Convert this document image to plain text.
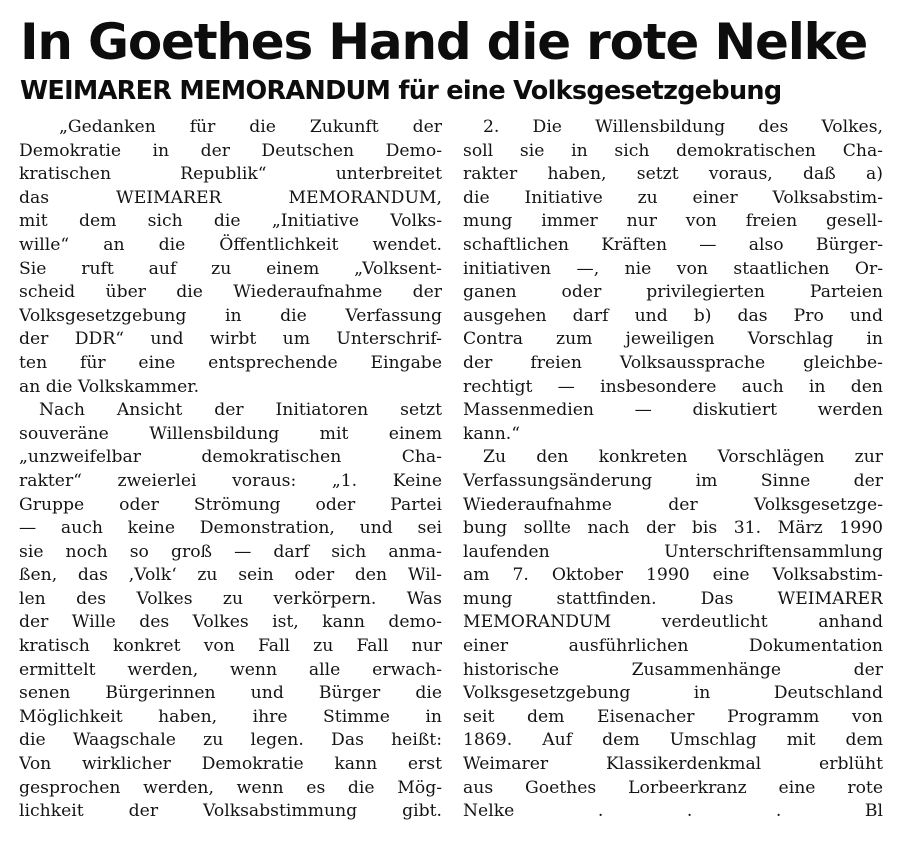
In Goethes Hand die rote Nelke
WEIMARER MEMORANDUM für eine Volksgesetzgebung
„Gedanken für die Zukunft der
Demokratie in der Deutschen Demo-
kratischen Republik“ unterbreitet
das WEIMARER MEMORANDUM,
mit dem sich die „Initiative Volks-
wille“ an die Öffentlichkeit wendet.
Sie ruft auf zu einem „Volksent-
scheid über die Wiederaufnahme der
Volksgesetzgebung in die Verfassung
der DDR“ und wirbt um Unterschrif-
ten für eine entsprechende Eingabe
an die Volkskammer.
Nach Ansicht der Initiatoren setzt
souveräne Willensbildung mit einem
„unzweifelbar demokratischen Cha-
rakter“ zweierlei voraus: „1. Keine
Gruppe oder Strömung oder Partei
— auch keine Demonstration, und sei
sie noch so groß — darf sich anma-
ßen, das ‚Volk‘ zu sein oder den Wil-
len des Volkes zu verkörpern. Was
der Wille des Volkes ist, kann demo-
kratisch konkret von Fall zu Fall nur
ermittelt werden, wenn alle erwach-
senen Bürgerinnen und Bürger die
Möglichkeit haben, ihre Stimme in
die Waagschale zu legen. Das heißt:
Von wirklicher Demokratie kann erst
gesprochen werden, wenn es die Mög-
lichkeit der Volksabstimmung gibt.
2. Die Willensbildung des Volkes,
soll sie in sich demokratischen Cha-
rakter haben, setzt voraus, daß a)
die Initiative zu einer Volksabstim-
mung immer nur von freien gesell-
schaftlichen Kräften — also Bürger-
initiativen —, nie von staatlichen Or-
ganen oder privilegierten Parteien
ausgehen darf und b) das Pro und
Contra zum jeweiligen Vorschlag in
der freien Volksaussprache gleichbe-
rechtigt — insbesondere auch in den
Massenmedien — diskutiert werden
kann.“
Zu den konkreten Vorschlägen zur
Verfassungsänderung im Sinne der
Wiederaufnahme der Volksgesetzge-
bung sollte nach der bis 31. März 1990
laufenden Unterschriftensammlung
am 7. Oktober 1990 eine Volksabstim-
mung stattfinden. Das WEIMARER
MEMORANDUM verdeutlicht anhand
einer ausführlichen Dokumentation
historische Zusammenhänge der
Volksgesetzgebung in Deutschland
seit dem Eisenacher Programm von
1869. Auf dem Umschlag mit dem
Weimarer Klassikerdenkmal erblüht
aus Goethes Lorbeerkranz eine rote
Nelke . . . Bl
